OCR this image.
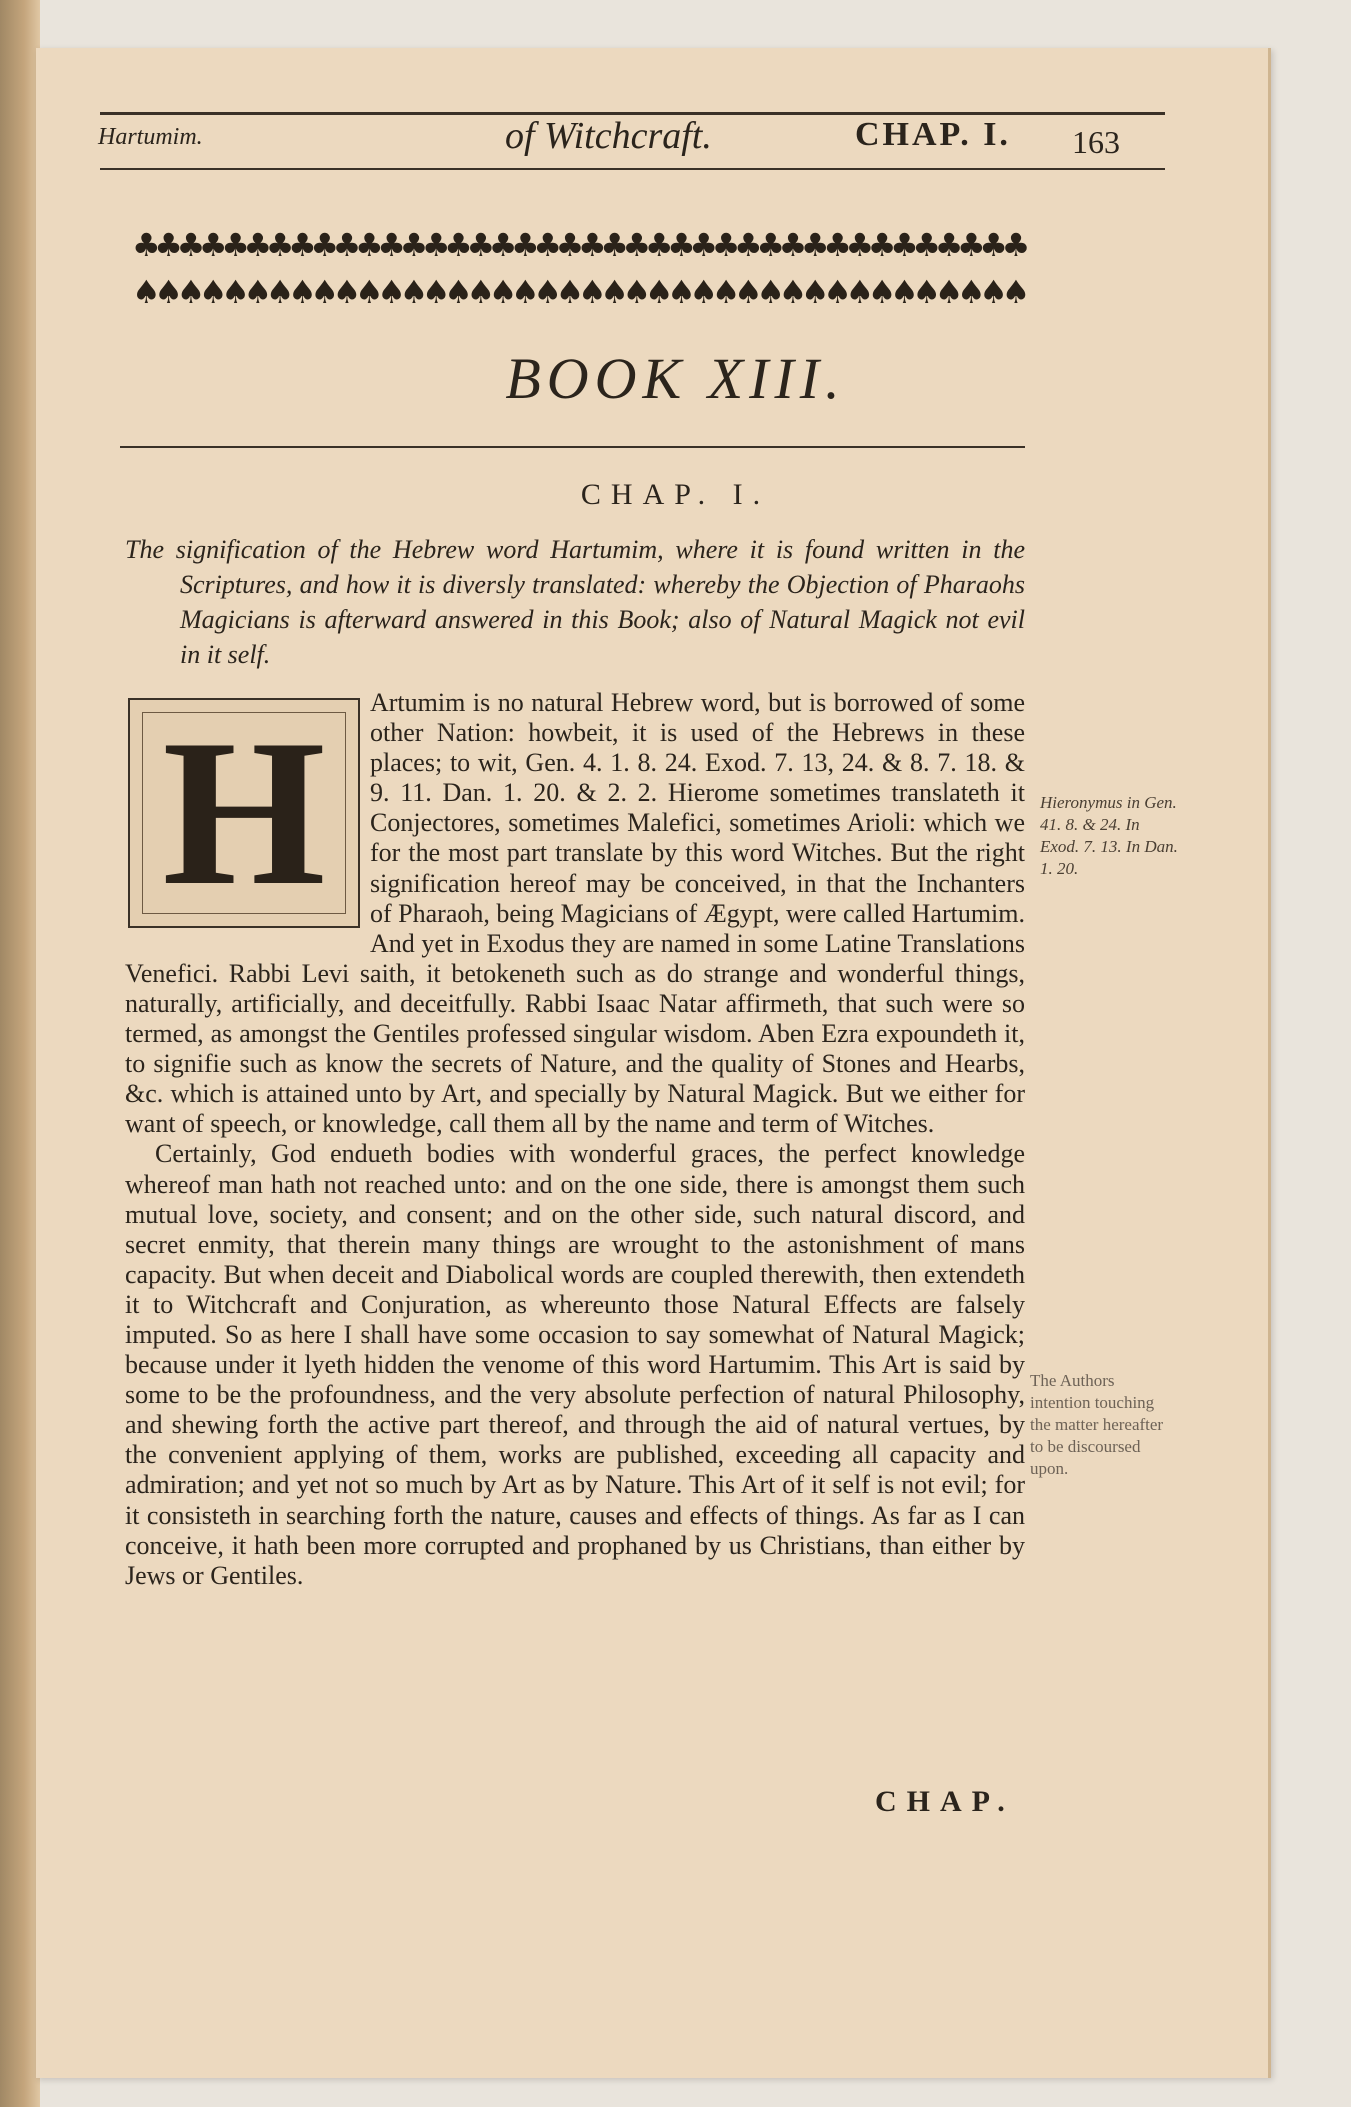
Hartumim.	of Witchcraft.	CHAP. I. 163
♣♣♣♣♣♣♣♣♣♣♣♣♣♣♣♣♣♣♣♣♣♣♣♣♣♣♣♣♣♣♣♣♣♣♣♣♣♣♣♣
♠♠♠♠♠♠♠♠♠♠♠♠♠♠♠♠♠♠♠♠♠♠♠♠♠♠♠♠♠♠♠♠♠♠♠♠♠♠♠♠
BOOK XIII.
CHAP. I.

The signification of the Hebrew word Hartumim, where it is found written in the Scriptures, and how it is diversly translated: whereby the Objection of Pharaohs Magicians is afterward answered in this Book; also of Natural Magick not evil in it self.

H	Artumim is no natural Hebrew word, but is borrowed of some other Nation: howbeit, it is used of the Hebrews in these places; to wit, Gen. 4. 1. 8. 24. Exod. 7. 13, 24. & 8. 7. 18. & 9. 11. Dan. 1. 20. & 2. 2. Hierome sometimes translateth it Conjectores, sometimes Malefici, sometimes Arioli: which we for the most part translate by this word Witches. But the right signification hereof may be conceived, in that the Inchanters of Pharaoh, being Magicians of Ægypt, were called Hartumim. And yet in Exodus they are named in some Latine Translations Venefici. Rabbi Levi saith, it betokeneth such as do strange and wonderful things, naturally, artificially, and deceitfully. Rabbi Isaac Natar affirmeth, that such were so termed, as amongst the Gentiles professed singular wisdom. Aben Ezra expoundeth it, to signifie such as know the secrets of Nature, and the quality of Stones and Hearbs, &c. which is attained unto by Art, and specially by Natural Magick. But we either for want of speech, or knowledge, call them all by the name and term of Witches.

Certainly, God endueth bodies with wonderful graces, the perfect knowledge whereof man hath not reached unto: and on the one side, there is amongst them such mutual love, society, and consent; and on the other side, such natural discord, and secret enmity, that therein many things are wrought to the astonishment of mans capacity. But when deceit and Diabolical words are coupled therewith, then extendeth it to Witchcraft and Conjuration, as whereunto those Natural Effects are falsely imputed. So as here I shall have some occasion to say somewhat of Natural Magick; because under it lyeth hidden the venome of this word Hartumim. This Art is said by some to be the profoundness, and the very absolute perfection of natural Philosophy, and shewing forth the active part thereof, and through the aid of natural vertues, by the convenient applying of them, works are published, exceeding all capacity and admiration; and yet not so much by Art as by Nature. This Art of it self is not evil; for it consisteth in searching forth the nature, causes and effects of things. As far as I can conceive, it hath been more corrupted and prophaned by us Christians, than either by Jews or Gentiles.

Hieronymus in Gen. 41. 8. & 24. In Exod. 7. 13. In Dan. 1. 20.
The Authors intention touching the matter hereafter to be discoursed upon.
CHAP.
